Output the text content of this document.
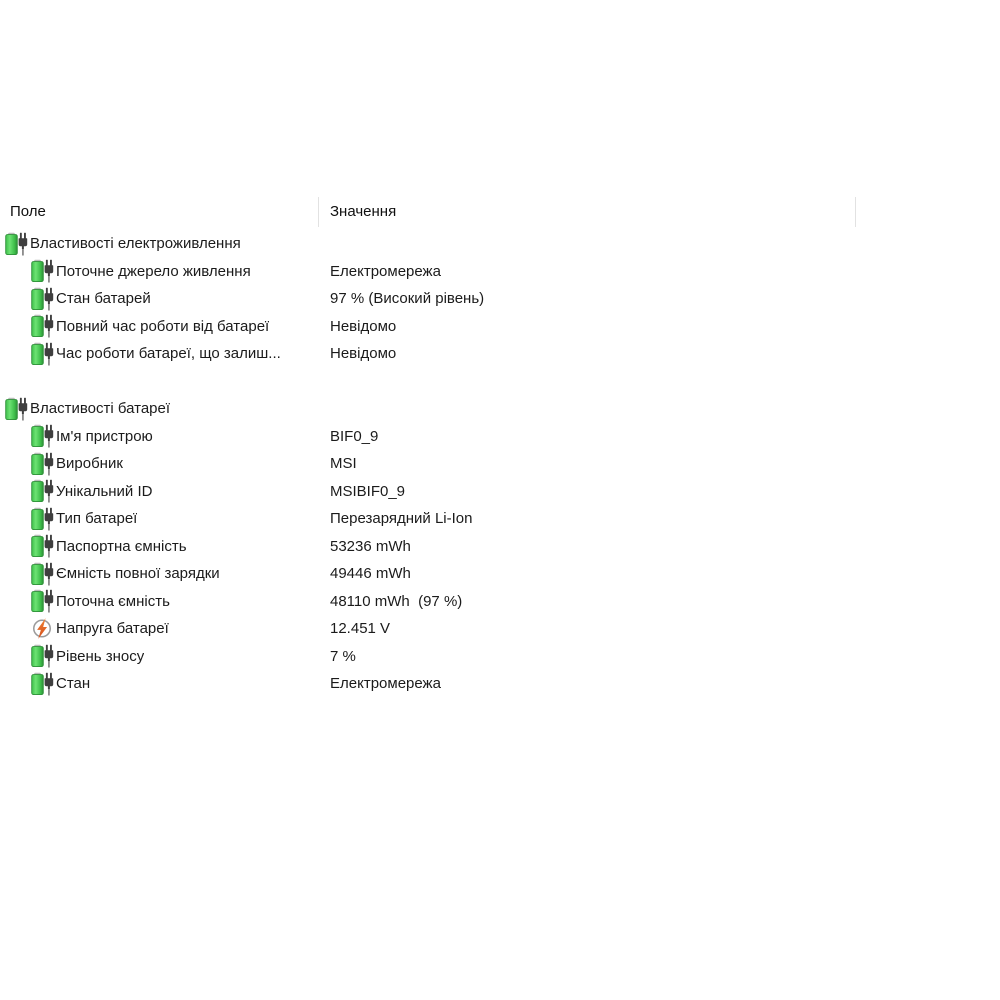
Поле	Значення
Властивості електроживлення
Поточне джерело живлення	Електромережа
Стан батарей	97 % (Високий рівень)
Повний час роботи від батареї	Невідомо
Час роботи батареї, що залиш...	Невідомо
Властивості батареї
Ім'я пристрою	BIF0_9
Виробник	MSI
Унікальний ID	MSIBIF0_9
Тип батареї	Перезарядний Li-Ion
Паспортна ємність	53236 mWh
Ємність повної зарядки	49446 mWh
Поточна ємність	48110 mWh  (97 %)
Напруга батареї	12.451 V
Рівень зносу	7 %
Стан	Електромережа
